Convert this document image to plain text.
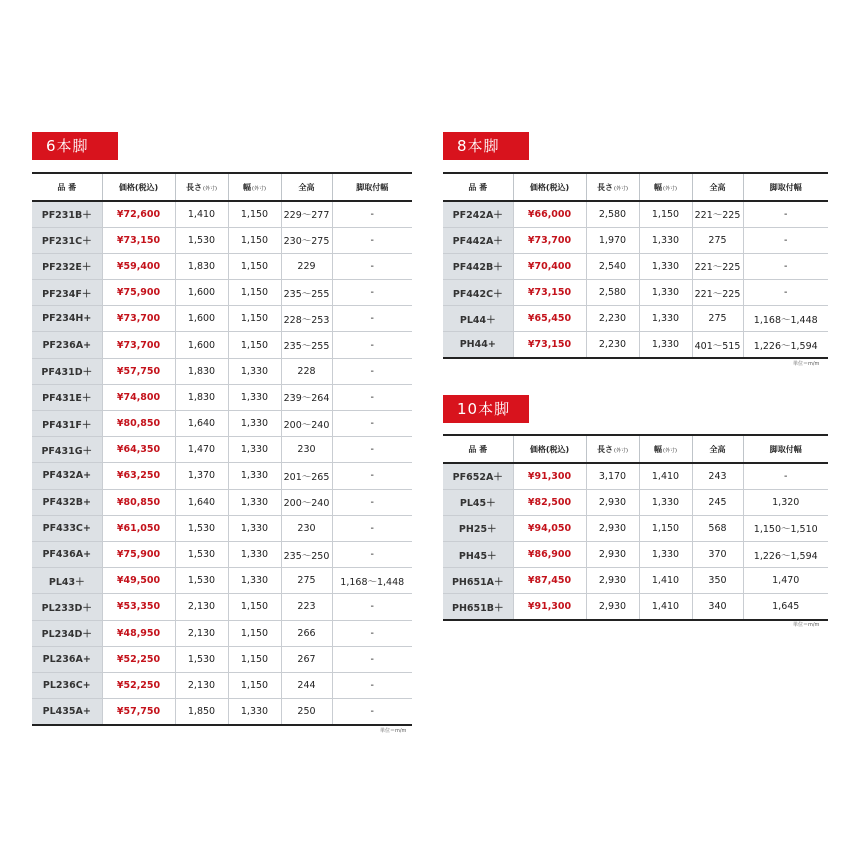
6本脚
品 番	価格(税込)	長さ(外寸)	幅(外寸)	全高	脚取付幅
PF231B＋	¥72,600	1,410	1,150	229〜277	-
PF231C＋	¥73,150	1,530	1,150	230〜275	-
PF232E＋	¥59,400	1,830	1,150	229	-
PF234F＋	¥75,900	1,600	1,150	235〜255	-
PF234H+	¥73,700	1,600	1,150	228〜253	-
PF236A+	¥73,700	1,600	1,150	235〜255	-
PF431D＋	¥57,750	1,830	1,330	228	-
PF431E＋	¥74,800	1,830	1,330	239〜264	-
PF431F＋	¥80,850	1,640	1,330	200〜240	-
PF431G＋	¥64,350	1,470	1,330	230	-
PF432A+	¥63,250	1,370	1,330	201〜265	-
PF432B+	¥80,850	1,640	1,330	200〜240	-
PF433C+	¥61,050	1,530	1,330	230	-
PF436A+	¥75,900	1,530	1,330	235〜250	-
PL43＋	¥49,500	1,530	1,330	275	1,168〜1,448
PL233D＋	¥53,350	2,130	1,150	223	-
PL234D＋	¥48,950	2,130	1,150	266	-
PL236A+	¥52,250	1,530	1,150	267	-
PL236C+	¥52,250	2,130	1,150	244	-
PL435A+	¥57,750	1,850	1,330	250	-
単位＝m/m
8本脚
品 番	価格(税込)	長さ(外寸)	幅(外寸)	全高	脚取付幅
PF242A＋	¥66,000	2,580	1,150	221〜225	-
PF442A＋	¥73,700	1,970	1,330	275	-
PF442B＋	¥70,400	2,540	1,330	221〜225	-
PF442C＋	¥73,150	2,580	1,330	221〜225	-
PL44＋	¥65,450	2,230	1,330	275	1,168〜1,448
PH44+	¥73,150	2,230	1,330	401〜515	1,226〜1,594
単位＝m/m
10本脚
品 番	価格(税込)	長さ(外寸)	幅(外寸)	全高	脚取付幅
PF652A＋	¥91,300	3,170	1,410	243	-
PL45＋	¥82,500	2,930	1,330	245	1,320
PH25＋	¥94,050	2,930	1,150	568	1,150〜1,510
PH45＋	¥86,900	2,930	1,330	370	1,226〜1,594
PH651A＋	¥87,450	2,930	1,410	350	1,470
PH651B＋	¥91,300	2,930	1,410	340	1,645
単位＝m/m
